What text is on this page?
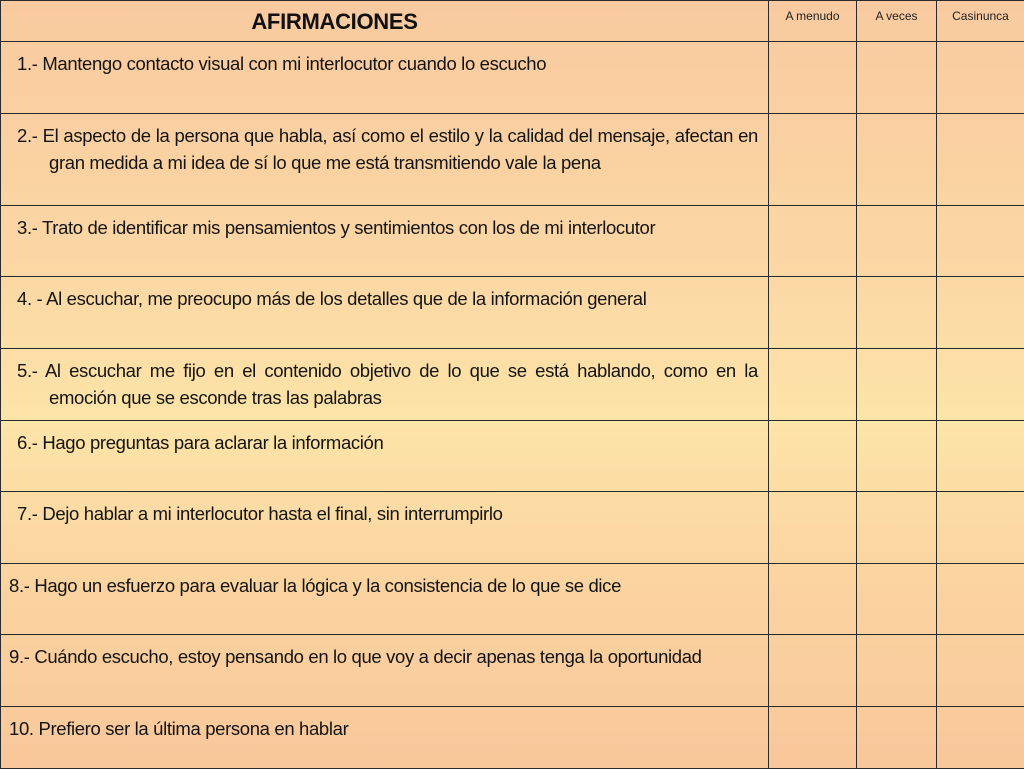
AFIRMACIONES	A menudo	A veces	Casinunca

1.- Mantengo contacto visual con mi interlocutor cuando lo escucho			

2.- El aspecto de la persona que habla, así como el estilo y la calidad del mensaje, afectan en gran medida a mi idea de sí lo que me está transmitiendo vale la pena			

3.- Trato de identificar mis pensamientos y sentimientos con los de mi interlocutor			

4. - Al escuchar, me preocupo más de los detalles que de la información general			

5.- Al escuchar me fijo en el contenido objetivo de lo que se está hablando, como en la emoción que se esconde tras las palabras			

6.- Hago preguntas para aclarar la información			

7.- Dejo hablar a mi interlocutor hasta el final, sin interrumpirlo			

8.- Hago un esfuerzo para evaluar la lógica y la consistencia de lo que se dice			

9.- Cuándo escucho, estoy pensando en lo que voy a decir apenas tenga la oportunidad			

10. Prefiero ser la última persona en hablar			
